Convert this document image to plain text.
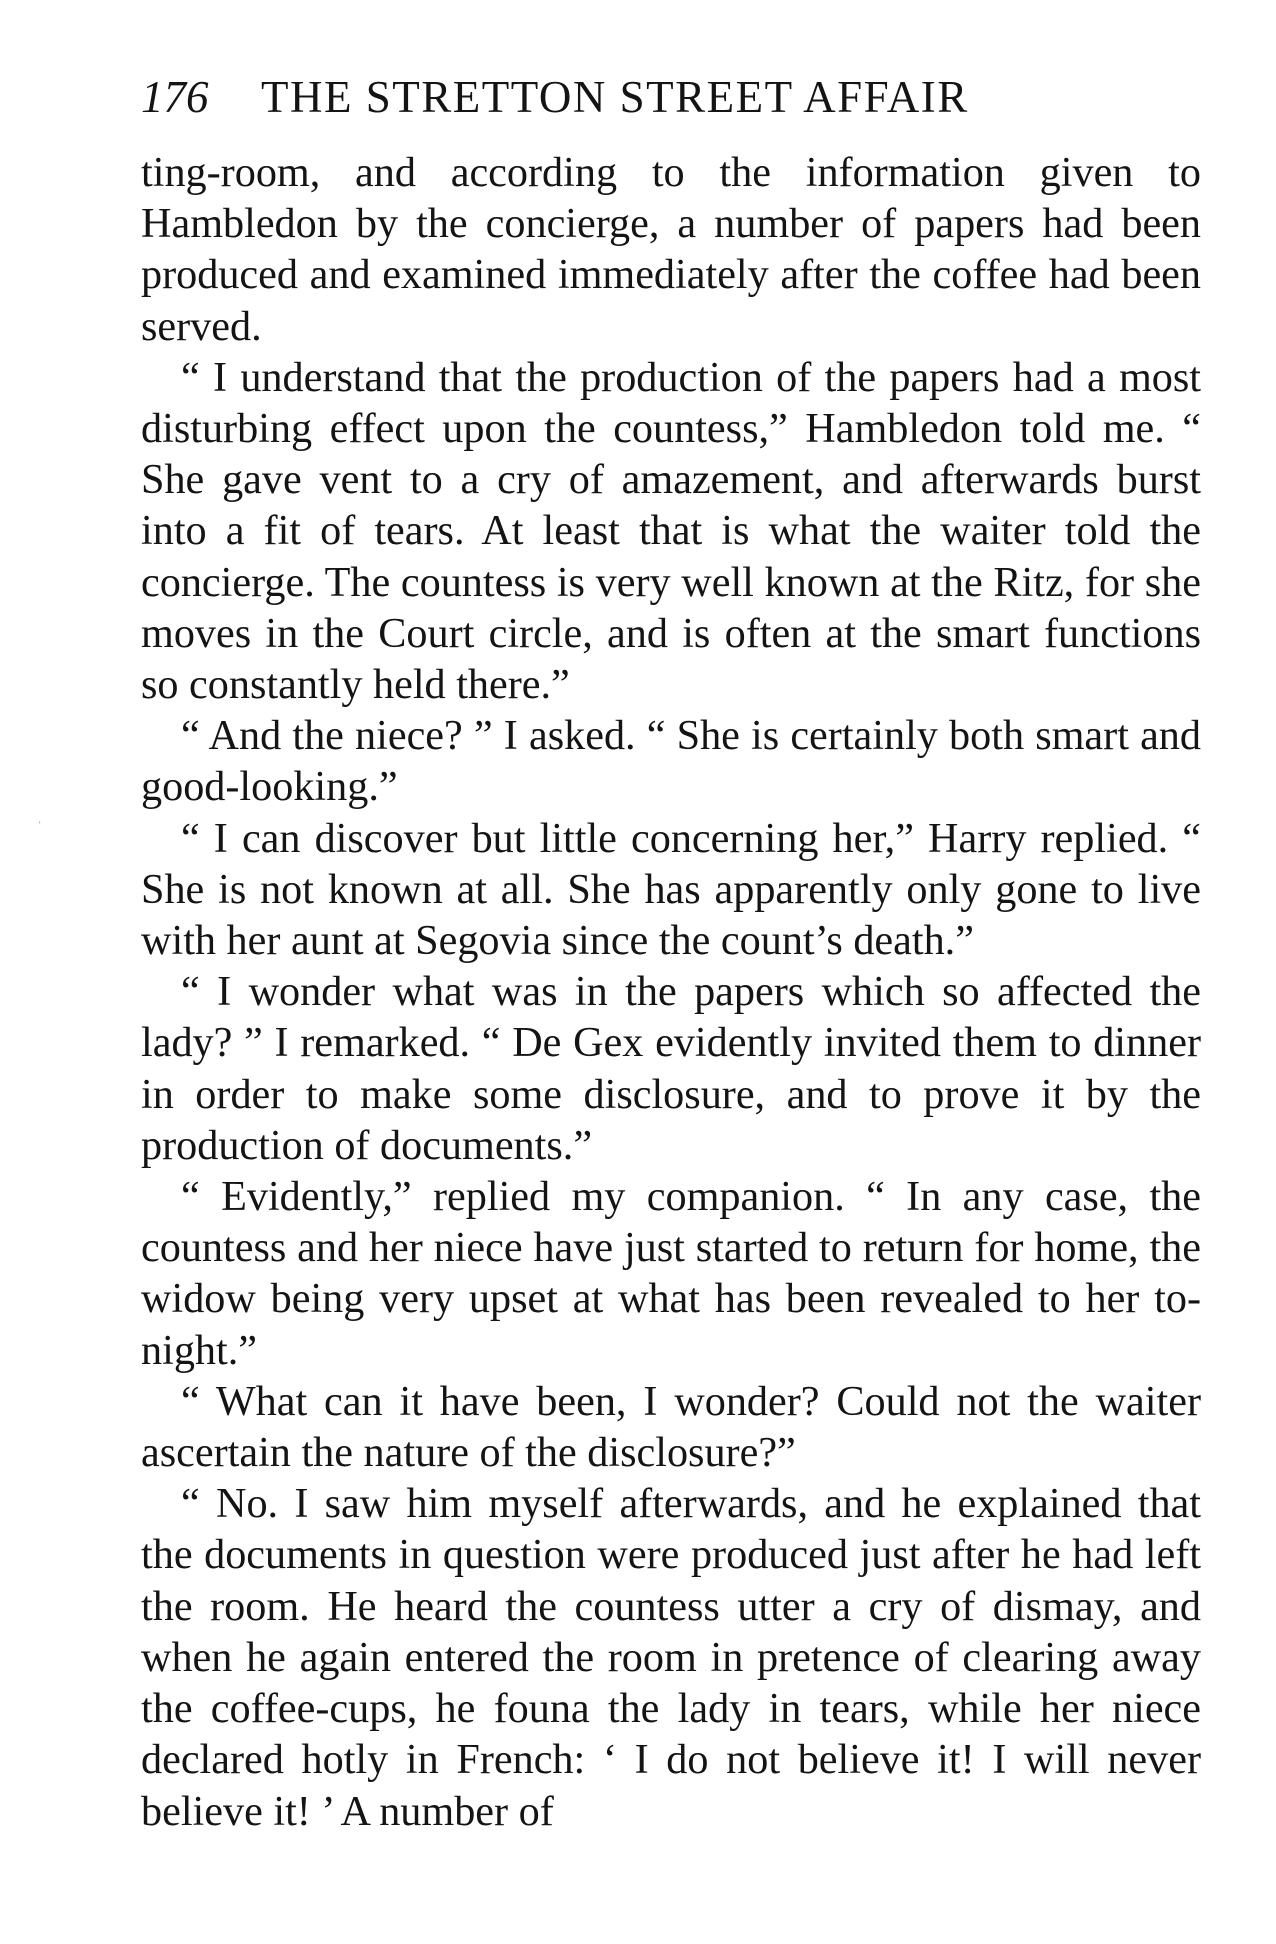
176 THE STRETTON STREET AFFAIR

ting-room, and according to the information given to Hambledon by the concierge, a number of papers had been produced and examined immediately after the coffee had been served.

“ I understand that the production of the papers had a most disturbing effect upon the countess,” Hambledon told me. “ She gave vent to a cry of amazement, and afterwards burst into a fit of tears. At least that is what the waiter told the concierge. The countess is very well known at the Ritz, for she moves in the Court circle, and is often at the smart functions so constantly held there.”

“ And the niece? ” I asked. “ She is certainly both smart and good-looking.”

“ I can discover but little concerning her,” Harry replied. “ She is not known at all. She has apparently only gone to live with her aunt at Segovia since the count’s death.”

“ I wonder what was in the papers which so affected the lady? ” I remarked. “ De Gex evidently invited them to dinner in order to make some disclosure, and to prove it by the production of documents.”

“ Evidently,” replied my companion. “ In any case, the countess and her niece have just started to return for home, the widow being very upset at what has been revealed to her to-night.”

“ What can it have been, I wonder? Could not the waiter ascertain the nature of the disclosure?”

“ No. I saw him myself afterwards, and he explained that the documents in question were produced just after he had left the room. He heard the countess utter a cry of dismay, and when he again entered the room in pretence of clearing away the coffee-cups, he founa the lady in tears, while her niece declared hotly in French: ‘ I do not believe it! I will never believe it! ’ A number of

᾿
